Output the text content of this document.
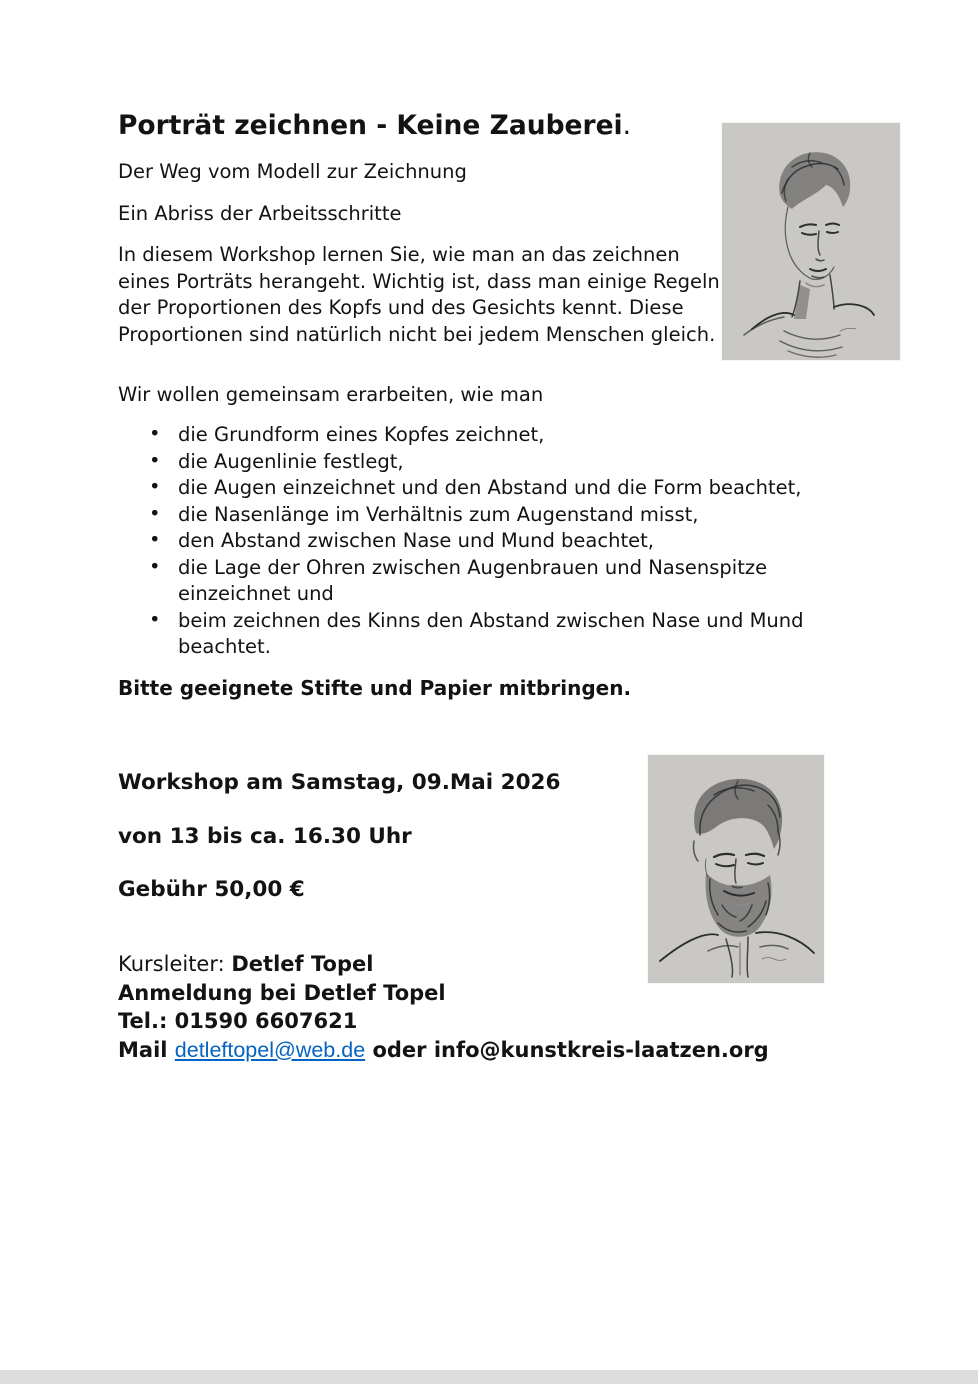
Porträt zeichnen - Keine Zauberei.
Der Weg vom Modell zur Zeichnung
Ein Abriss der Arbeitsschritte
In diesem Workshop lernen Sie, wie man an das zeichnen eines Porträts herangeht. Wichtig ist, dass man einige Regeln der Proportionen des Kopfs und des Gesichts kennt. Diese Proportionen sind natürlich nicht bei jedem Menschen gleich.
Wir wollen gemeinsam erarbeiten, wie man
• die Grundform eines Kopfes zeichnet,
• die Augenlinie festlegt,
• die Augen einzeichnet und den Abstand und die Form beachtet,
• die Nasenlänge im Verhältnis zum Augenstand misst,
• den Abstand zwischen Nase und Mund beachtet,
• die Lage der Ohren zwischen Augenbrauen und Nasenspitze einzeichnet und
• beim zeichnen des Kinns den Abstand zwischen Nase und Mund beachtet.
Bitte geeignete Stifte und Papier mitbringen.
Workshop am Samstag, 09.Mai 2026
von 13 bis ca. 16.30 Uhr
Gebühr 50,00 €
Kursleiter: Detlef Topel
Anmeldung bei Detlef Topel
Tel.: 01590 6607621
Mail detleftopel@web.de oder info@kunstkreis-laatzen.org
